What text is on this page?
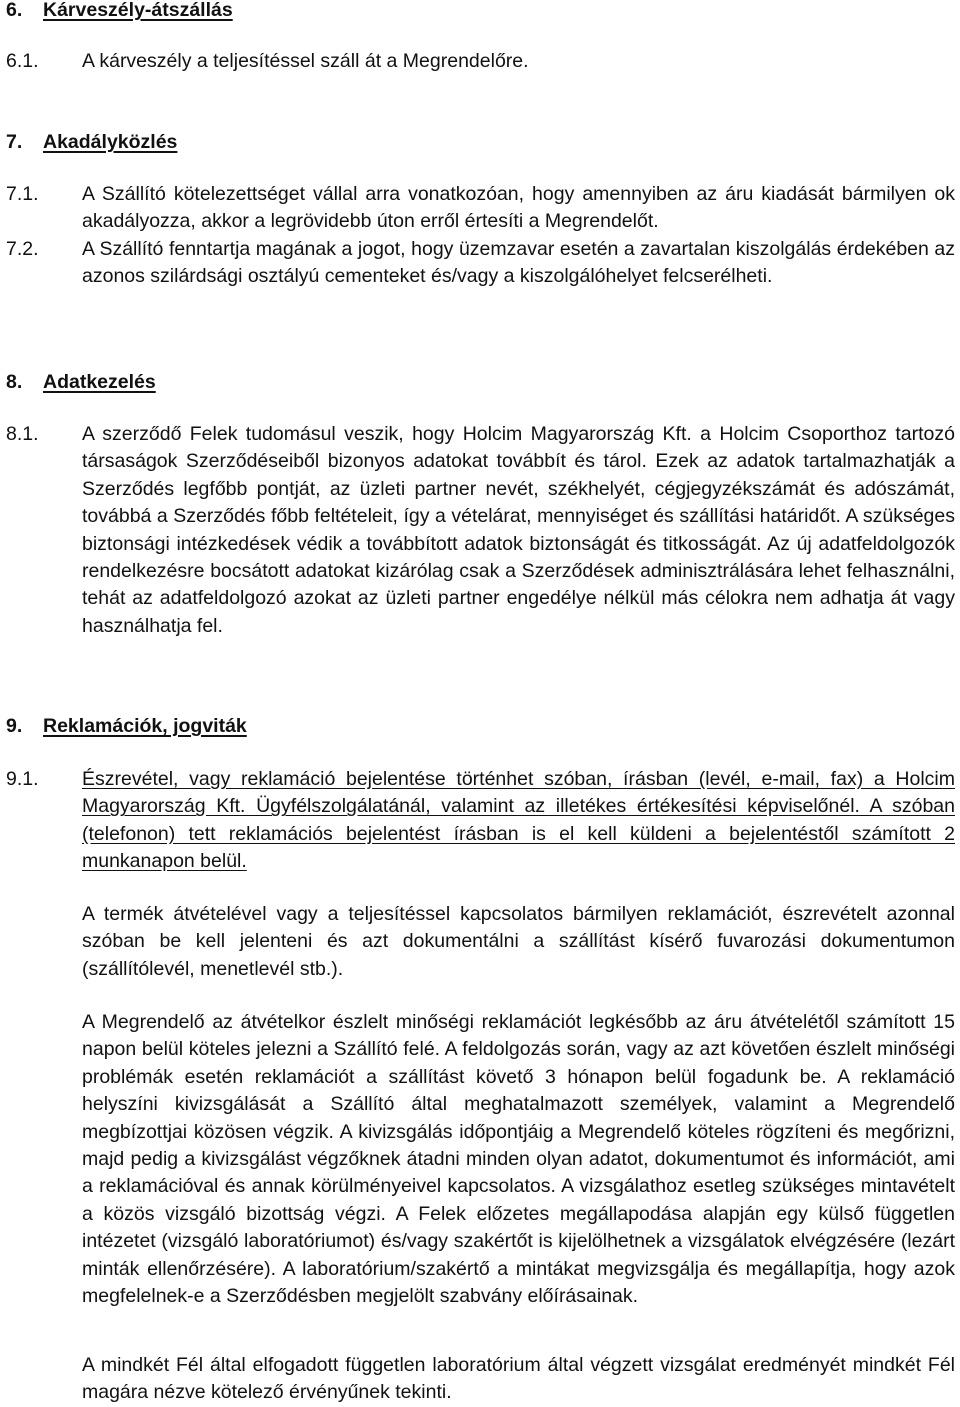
6. Kárveszély-átszállás
6.1. A kárveszély a teljesítéssel száll át a Megrendelőre.
7. Akadályközlés
7.1. A Szállító kötelezettséget vállal arra vonatkozóan, hogy amennyiben az áru kiadását bármilyen ok akadályozza, akkor a legrövidebb úton erről értesíti a Megrendelőt.
7.2. A Szállító fenntartja magának a jogot, hogy üzemzavar esetén a zavartalan kiszolgálás érdekében az azonos szilárdsági osztályú cementeket és/vagy a kiszolgálóhelyet felcserélheti.
8. Adatkezelés
8.1. A szerződő Felek tudomásul veszik, hogy Holcim Magyarország Kft. a Holcim Csoporthoz tartozó társaságok Szerződéseiből bizonyos adatokat továbbít és tárol. Ezek az adatok tartalmazhatják a Szerződés legfőbb pontját, az üzleti partner nevét, székhelyét, cégjegyzékszámát és adószámát, továbbá a Szerződés főbb feltételeit, így a vételárat, mennyiséget és szállítási határidőt. A szükséges biztonsági intézkedések védik a továbbított adatok biztonságát és titkosságát. Az új adatfeldolgozók rendelkezésre bocsátott adatokat kizárólag csak a Szerződések adminisztrálására lehet felhasználni, tehát az adatfeldolgozó azokat az üzleti partner engedélye nélkül más célokra nem adhatja át vagy használhatja fel.
9. Reklamációk, jogviták
9.1. Észrevétel, vagy reklamáció bejelentése történhet szóban, írásban (levél, e-mail, fax) a Holcim Magyarország Kft. Ügyfélszolgálatánál, valamint az illetékes értékesítési képviselőnél. A szóban (telefonon) tett reklamációs bejelentést írásban is el kell küldeni a bejelentéstől számított 2 munkanapon belül.
A termék átvételével vagy a teljesítéssel kapcsolatos bármilyen reklamációt, észrevételt azonnal szóban be kell jelenteni és azt dokumentálni a szállítást kísérő fuvarozási dokumentumon (szállítólevél, menetlevél stb.).
A Megrendelő az átvételkor észlelt minőségi reklamációt legkésőbb az áru átvételétől számított 15 napon belül köteles jelezni a Szállító felé. A feldolgozás során, vagy az azt követően észlelt minőségi problémák esetén reklamációt a szállítást követő 3 hónapon belül fogadunk be. A reklamáció helyszíni kivizsgálását a Szállító által meghatalmazott személyek, valamint a Megrendelő megbízottjai közösen végzik. A kivizsgálás időpontjáig a Megrendelő köteles rögzíteni és megőrizni, majd pedig a kivizsgálást végzőknek átadni minden olyan adatot, dokumentumot és információt, ami a reklamációval és annak körülményeivel kapcsolatos. A vizsgálathoz esetleg szükséges mintavételt a közös vizsgáló bizottság végzi. A Felek előzetes megállapodása alapján egy külső független intézetet (vizsgáló laboratóriumot) és/vagy szakértőt is kijelölhetnek a vizsgálatok elvégzésére (lezárt minták ellenőrzésére). A laboratórium/szakértő a mintákat megvizsgálja és megállapítja, hogy azok megfelelnek-e a Szerződésben megjelölt szabvány előírásainak.
A mindkét Fél által elfogadott független laboratórium által végzett vizsgálat eredményét mindkét Fél magára nézve kötelező érvényűnek tekinti.
